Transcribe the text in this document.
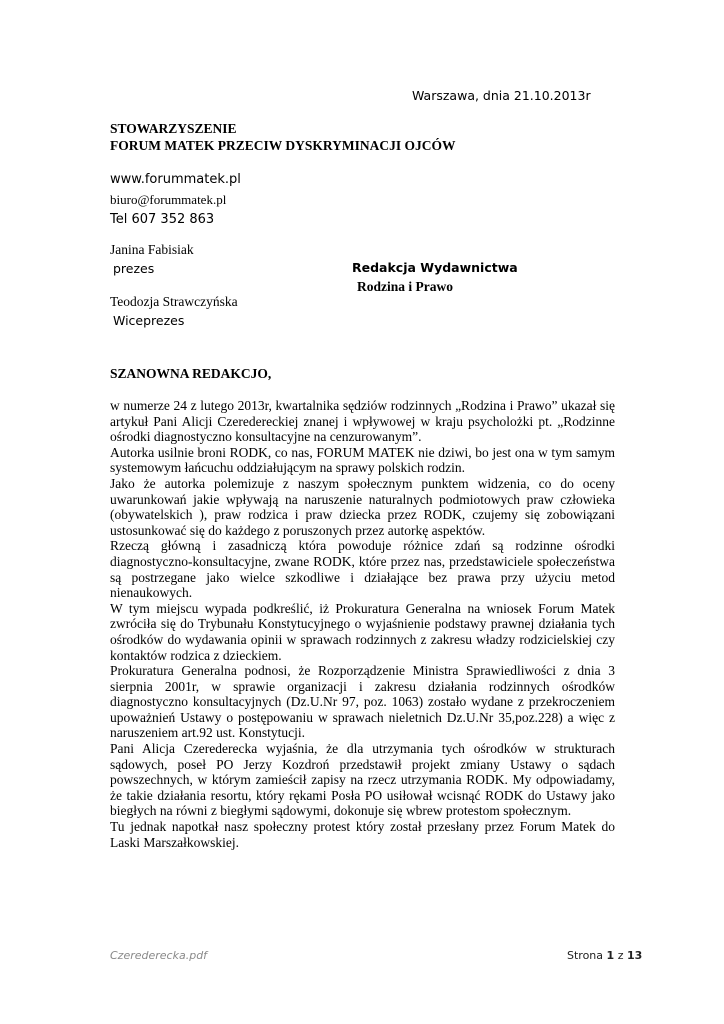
Warszawa, dnia 21.10.2013r
STOWARZYSZENIE
FORUM MATEK PRZECIW DYSKRYMINACJI OJCÓW
www.forummatek.pl
biuro@forummatek.pl
Tel 607 352 863
Janina Fabisiak
prezes
Teodozja Strawczyńska
Wiceprezes
Redakcja Wydawnictwa
Rodzina i Prawo
SZANOWNA REDAKCJO,

w numerze 24 z lutego 2013r, kwartalnika sędziów rodzinnych „Rodzina i Prawo” ukazał się artykuł Pani Alicji Czeredereckiej znanej i wpływowej w kraju psycholożki pt. „Rodzinne ośrodki diagnostyczno konsultacyjne na cenzurowanym”.

Autorka usilnie broni RODK, co nas, FORUM MATEK nie dziwi, bo jest ona w tym samym systemowym łańcuchu oddziałującym na sprawy polskich rodzin.

Jako że autorka polemizuje z naszym społecznym punktem widzenia, co do oceny uwarunkowań jakie wpływają na naruszenie naturalnych podmiotowych praw człowieka (obywatelskich ), praw rodzica i praw dziecka przez RODK, czujemy się zobowiązani ustosunkować się do każdego z poruszonych przez autorkę aspektów.

Rzeczą główną i zasadniczą która powoduje różnice zdań są rodzinne ośrodki diagnostyczno-konsultacyjne, zwane RODK, które przez nas, przedstawiciele społeczeństwa są postrzegane jako wielce szkodliwe i działające bez prawa przy użyciu metod nienaukowych.

W tym miejscu wypada podkreślić, iż Prokuratura Generalna na wniosek Forum Matek zwróciła się do Trybunału Konstytucyjnego o wyjaśnienie podstawy prawnej działania tych ośrodków do wydawania opinii w sprawach rodzinnych z zakresu władzy rodzicielskiej czy kontaktów rodzica z dzieckiem.

Prokuratura Generalna podnosi, że Rozporządzenie Ministra Sprawiedliwości z dnia 3 sierpnia 2001r, w sprawie organizacji i zakresu działania rodzinnych ośrodków diagnostyczno konsultacyjnych (Dz.U.Nr 97, poz. 1063) zostało wydane z przekroczeniem upoważnień Ustawy o postępowaniu w sprawach nieletnich Dz.U.Nr 35,poz.228) a więc z naruszeniem art.92 ust. Konstytucji.

Pani Alicja Czerederecka wyjaśnia, że dla utrzymania tych ośrodków w strukturach sądowych, poseł PO Jerzy Kozdroń przedstawił projekt zmiany Ustawy o sądach powszechnych, w którym zamieścił zapisy na rzecz utrzymania RODK. My odpowiadamy, że takie działania resortu, który rękami Posła PO usiłował wcisnąć RODK do Ustawy jako biegłych na równi z biegłymi sądowymi, dokonuje się wbrew protestom społecznym.

Tu jednak napotkał nasz społeczny protest który został przesłany przez Forum Matek do Laski Marszałkowskiej.

Czerederecka.pdf	Strona 1 z 13
